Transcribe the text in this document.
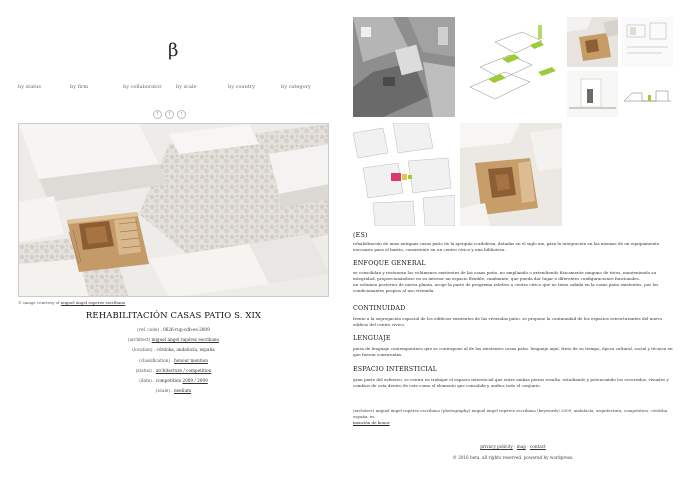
β
by status	by firm	by collaborator	by scale	by country	by category
f t r
© image courtesy of miguel ángel ruperez escribano
REHABILITACIÓN CASAS PATIO S. XIX
(ref. code) . 0626-rup-cdb-es-2009
(architect) miguel ángel rupérez escribano
(location) . córdoba, andalucía, españa
(classification) . honour mention
(status) . architecture / competition
(date) . competition 2009 / 2009
(scale) . medium
(ES)
rehabilitación de unas antiguas casas patio de la ajerquía cordobesa, datadas en el siglo xix, para la integración en las mismas de un equipamiento necesario para el barrio, consistente en un centro cívico y una biblioteca.
ENFOQUE GENERAL
se consolidan y restauran los volúmenes existentes de las casas patio, no ampliando o extendiendo físicamente ninguno de éstos, manteniendo su integridad, proporcionándose en su interior un espacio flexible, cambiante, que pueda dar lugar a diferentes configuraciones funcionales.
un volumen posterior de nueva planta, acoge la parte de programa relativo a centro cívico que no tiene cabida en la casas patio existentes, por los condicionantes propios al uso vivienda.
CONTINUIDAD
frente a la segregación espacial de los edificios existentes de las viviendas patio, se propone la continuidad de los espacios estructurantes del nuevo edificio del centro cívico.
LENGUAJE
pieza de lenguaje contemporáneo que se contrapone al de las existentes casas patio. lenguaje aquí, fruto de su tiempo, época cultural, social y técnica en que fueron construidas.
ESPACIO INTERSTICIAL
gran parte del esfuerzo, se centra en trabajar el espacio intersticial que entre ambas piezas resulta. estudiando y potenciando los recorridos, visuales y cambios de cota dentro de este como el elemento que consolida y unifica todo el conjunto.
(architect) miguel ángel rupérez escribano (photography) miguel ángel rupérez escribano (keywords) 2009, andalucía, arquitectura, competition, córdoba, españa, es,
mención de honor
privacy policity · map · contact
© 2016 beta. all rights reserved. powered by wordpress.
